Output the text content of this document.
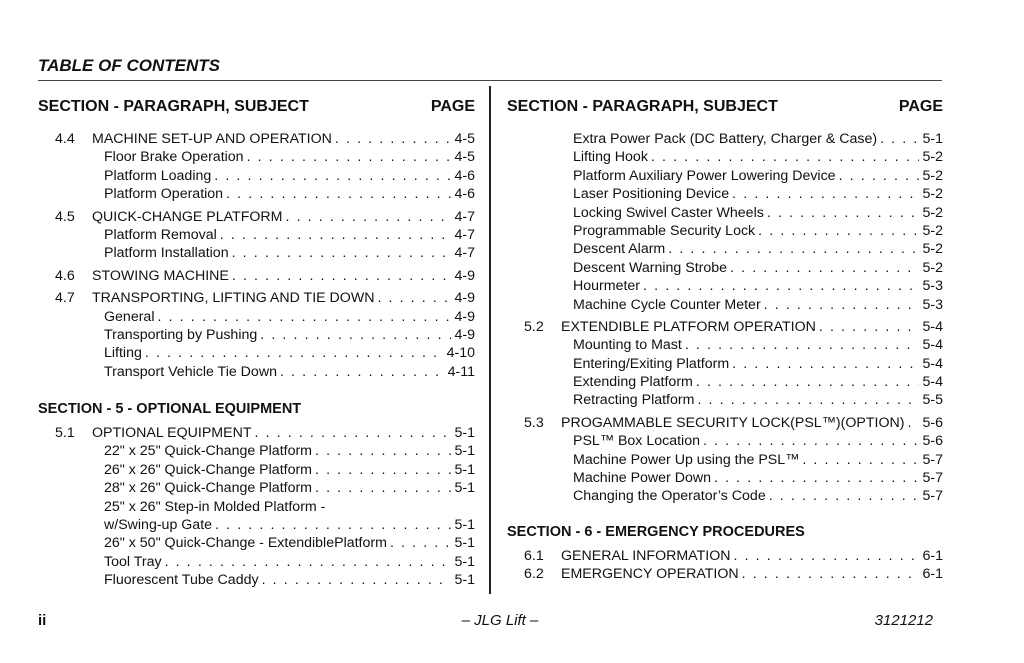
TABLE OF CONTENTS
SECTION - PARAGRAPH, SUBJECT	PAGE
4.4	MACHINE SET-UP AND OPERATION . . .	4-5
Floor Brake Operation . . .	4-5
Platform Loading . . .	4-6
Platform Operation . . .	4-6
4.5	QUICK-CHANGE PLATFORM . . .	4-7
Platform Removal . . .	4-7
Platform Installation . . .	4-7
4.6	STOWING MACHINE . . .	4-9
4.7	TRANSPORTING, LIFTING AND TIE DOWN . . .	4-9
General . . .	4-9
Transporting by Pushing . . .	4-9
Lifting . . .	4-10
Transport Vehicle Tie Down . . .	4-11
SECTION - 5 - OPTIONAL EQUIPMENT
5.1	OPTIONAL EQUIPMENT . . .	5-1
22" x 25" Quick-Change Platform . . .	5-1
26" x 26" Quick-Change Platform . . .	5-1
28" x 26" Quick-Change Platform . . .	5-1
25" x 26" Step-in Molded Platform -
w/Swing-up Gate . . .	5-1
26" x 50" Quick-Change - ExtendiblePlatform . . .	5-1
Tool Tray . . .	5-1
Fluorescent Tube Caddy . . .	5-1
SECTION - PARAGRAPH, SUBJECT	PAGE
Extra Power Pack (DC Battery, Charger & Case) . . .	5-1
Lifting Hook . . .	5-2
Platform Auxiliary Power Lowering Device . . .	5-2
Laser Positioning Device . . .	5-2
Locking Swivel Caster Wheels . . .	5-2
Programmable Security Lock . . .	5-2
Descent Alarm . . .	5-2
Descent Warning Strobe . . .	5-2
Hourmeter . . .	5-3
Machine Cycle Counter Meter . . .	5-3
5.2	EXTENDIBLE PLATFORM OPERATION . . .	5-4
Mounting to Mast . . .	5-4
Entering/Exiting Platform . . .	5-4
Extending Platform . . .	5-4
Retracting Platform . . .	5-5
5.3	PROGAMMABLE SECURITY LOCK(PSL™)(OPTION) . . . 5-6
PSL™ Box Location . . .	5-6
Machine Power Up using the PSL™ . . .	5-7
Machine Power Down . . .	5-7
Changing the Operator’s Code . . .	5-7
SECTION - 6 - EMERGENCY PROCEDURES
6.1	GENERAL INFORMATION . . .	6-1
6.2	EMERGENCY OPERATION . . .	6-1
ii	– JLG Lift –	3121212
